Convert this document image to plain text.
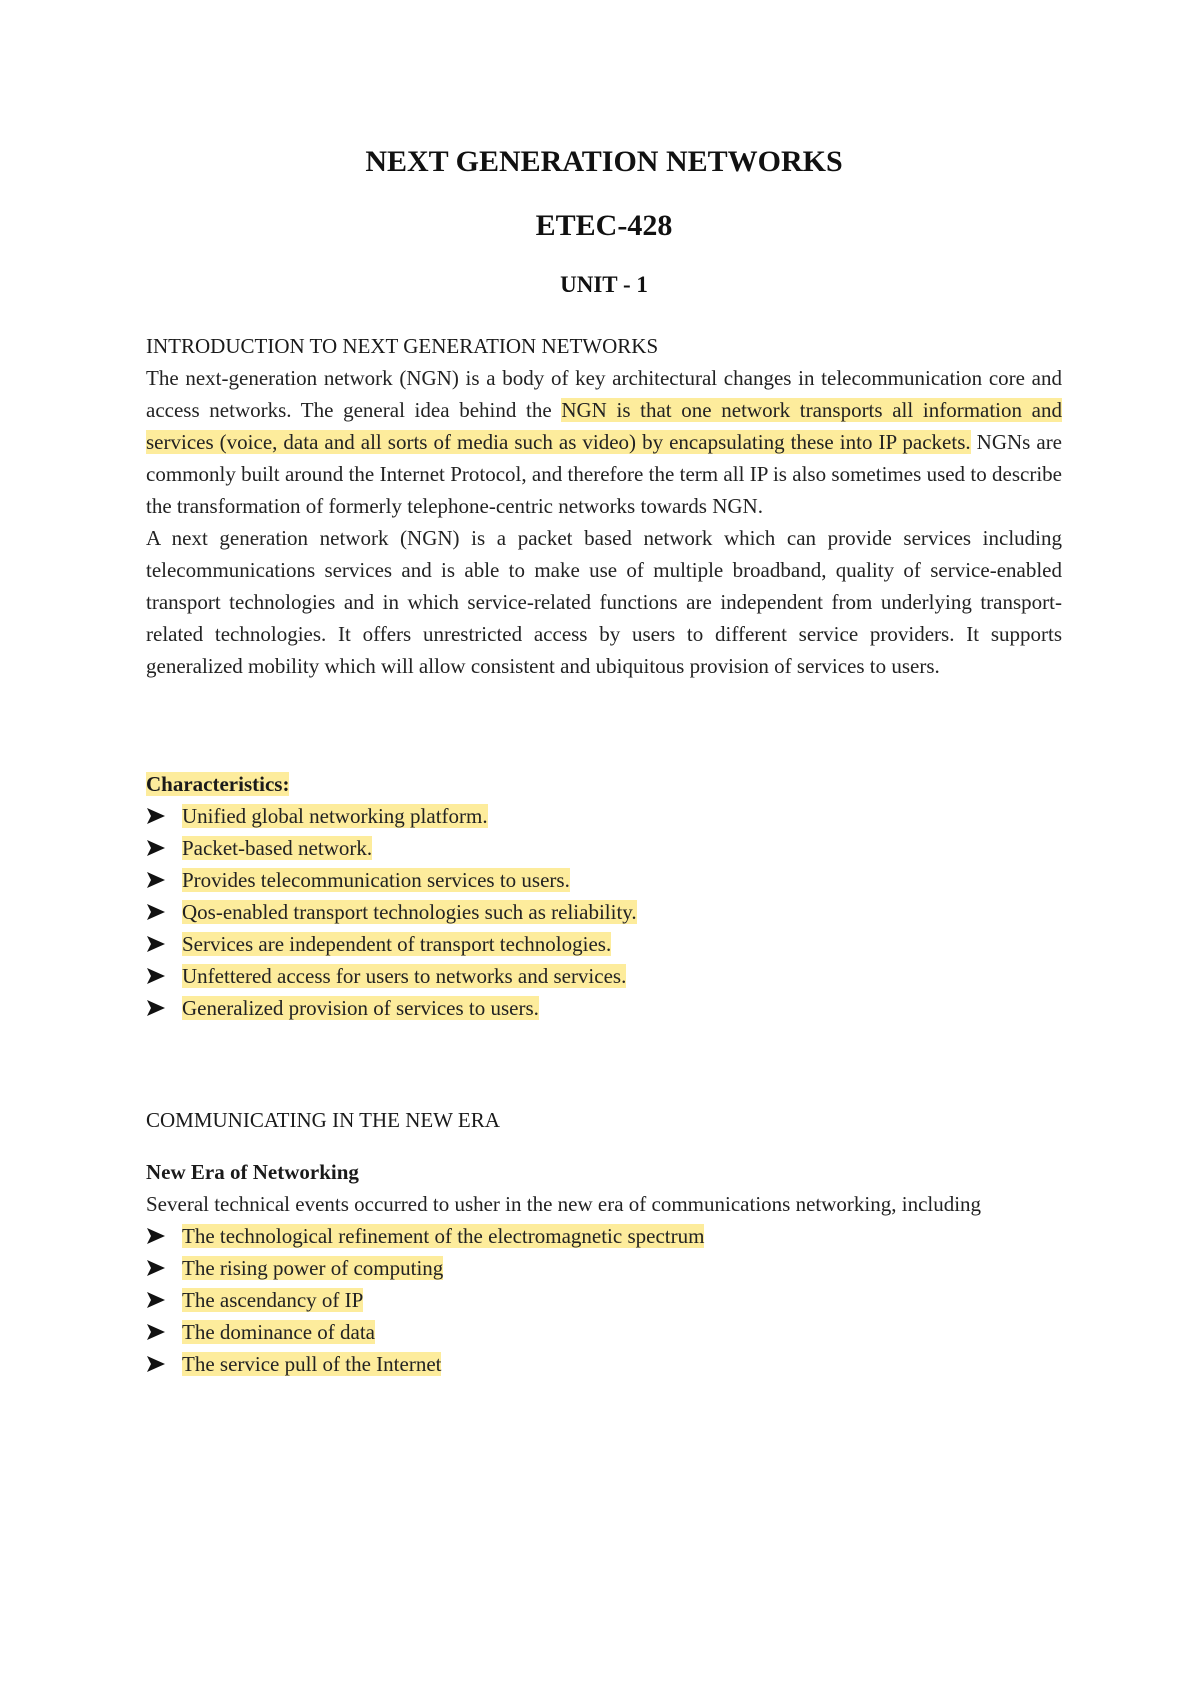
NEXT GENERATION NETWORKS
ETEC-428
UNIT - 1

INTRODUCTION TO NEXT GENERATION NETWORKS

The next-generation network (NGN) is a body of key architectural changes in telecommunication core and access networks. The general idea behind the NGN is that one network transports all information and services (voice, data and all sorts of media such as video) by encapsulating these into IP packets. NGNs are commonly built around the Internet Protocol, and therefore the term all IP is also sometimes used to describe the transformation of formerly telephone-centric networks towards NGN.

A next generation network (NGN) is a packet based network which can provide services including telecommunications services and is able to make use of multiple broadband, quality of service-enabled transport technologies and in which service-related functions are independent from underlying transport-related technologies. It offers unrestricted access by users to different service providers. It supports generalized mobility which will allow consistent and ubiquitous provision of services to users.

Characteristics:

Unified global networking platform.
Packet-based network.
Provides telecommunication services to users.
Qos-enabled transport technologies such as reliability.
Services are independent of transport technologies.
Unfettered access for users to networks and services.
Generalized provision of services to users.

COMMUNICATING IN THE NEW ERA

New Era of Networking

Several technical events occurred to usher in the new era of communications networking, including

The technological refinement of the electromagnetic spectrum
The rising power of computing
The ascendancy of IP
The dominance of data
The service pull of the Internet
